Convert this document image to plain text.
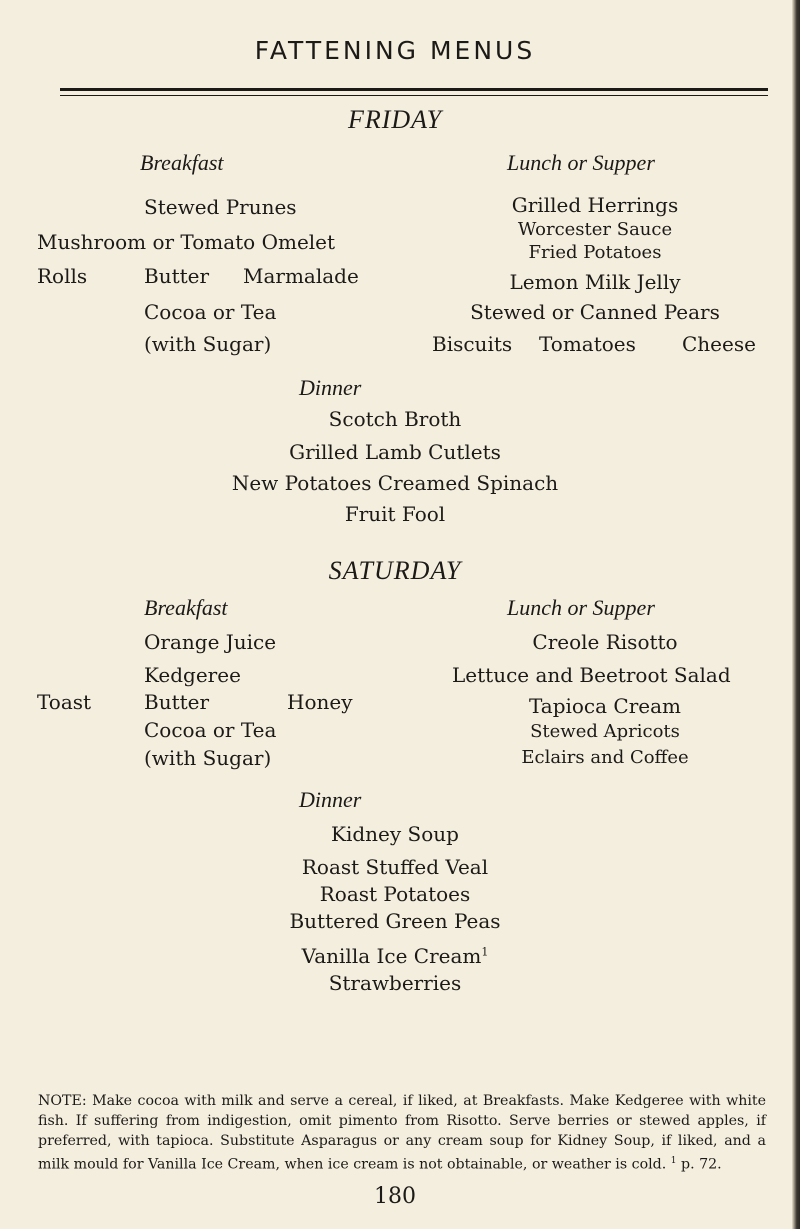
FATTENING MENUS
FRIDAY
Breakfast
Stewed Prunes
Mushroom or Tomato Omelet
Rolls	Butter Marmalade
Cocoa or Tea
(with Sugar)
Lunch or Supper
Grilled Herrings
Worcester Sauce
Fried Potatoes
Lemon Milk Jelly
Stewed or Canned Pears
Biscuits Tomatoes Cheese
Dinner
Scotch Broth
Grilled Lamb Cutlets
New Potatoes Creamed Spinach
Fruit Fool
SATURDAY
Breakfast
Orange Juice
Kedgeree
Toast	Butter	Honey
Cocoa or Tea
(with Sugar)
Lunch or Supper
Creole Risotto
Lettuce and Beetroot Salad
Tapioca Cream
Stewed Apricots
Eclairs and Coffee
Dinner
Kidney Soup
Roast Stuffed Veal
Roast Potatoes
Buttered Green Peas
Vanilla Ice Cream$^1$
Strawberries
NOTE: Make cocoa with milk and serve a cereal, if liked, at Breakfasts. Make Kedgeree with white fish. If suffering from indigestion, omit pimento from Risotto. Serve berries or stewed apples, if preferred, with tapioca. Substitute Asparagus or any cream soup for Kidney Soup, if liked, and a milk mould for Vanilla Ice Cream, when ice cream is not obtainable, or weather is cold. $^1$ p. 72.
180
